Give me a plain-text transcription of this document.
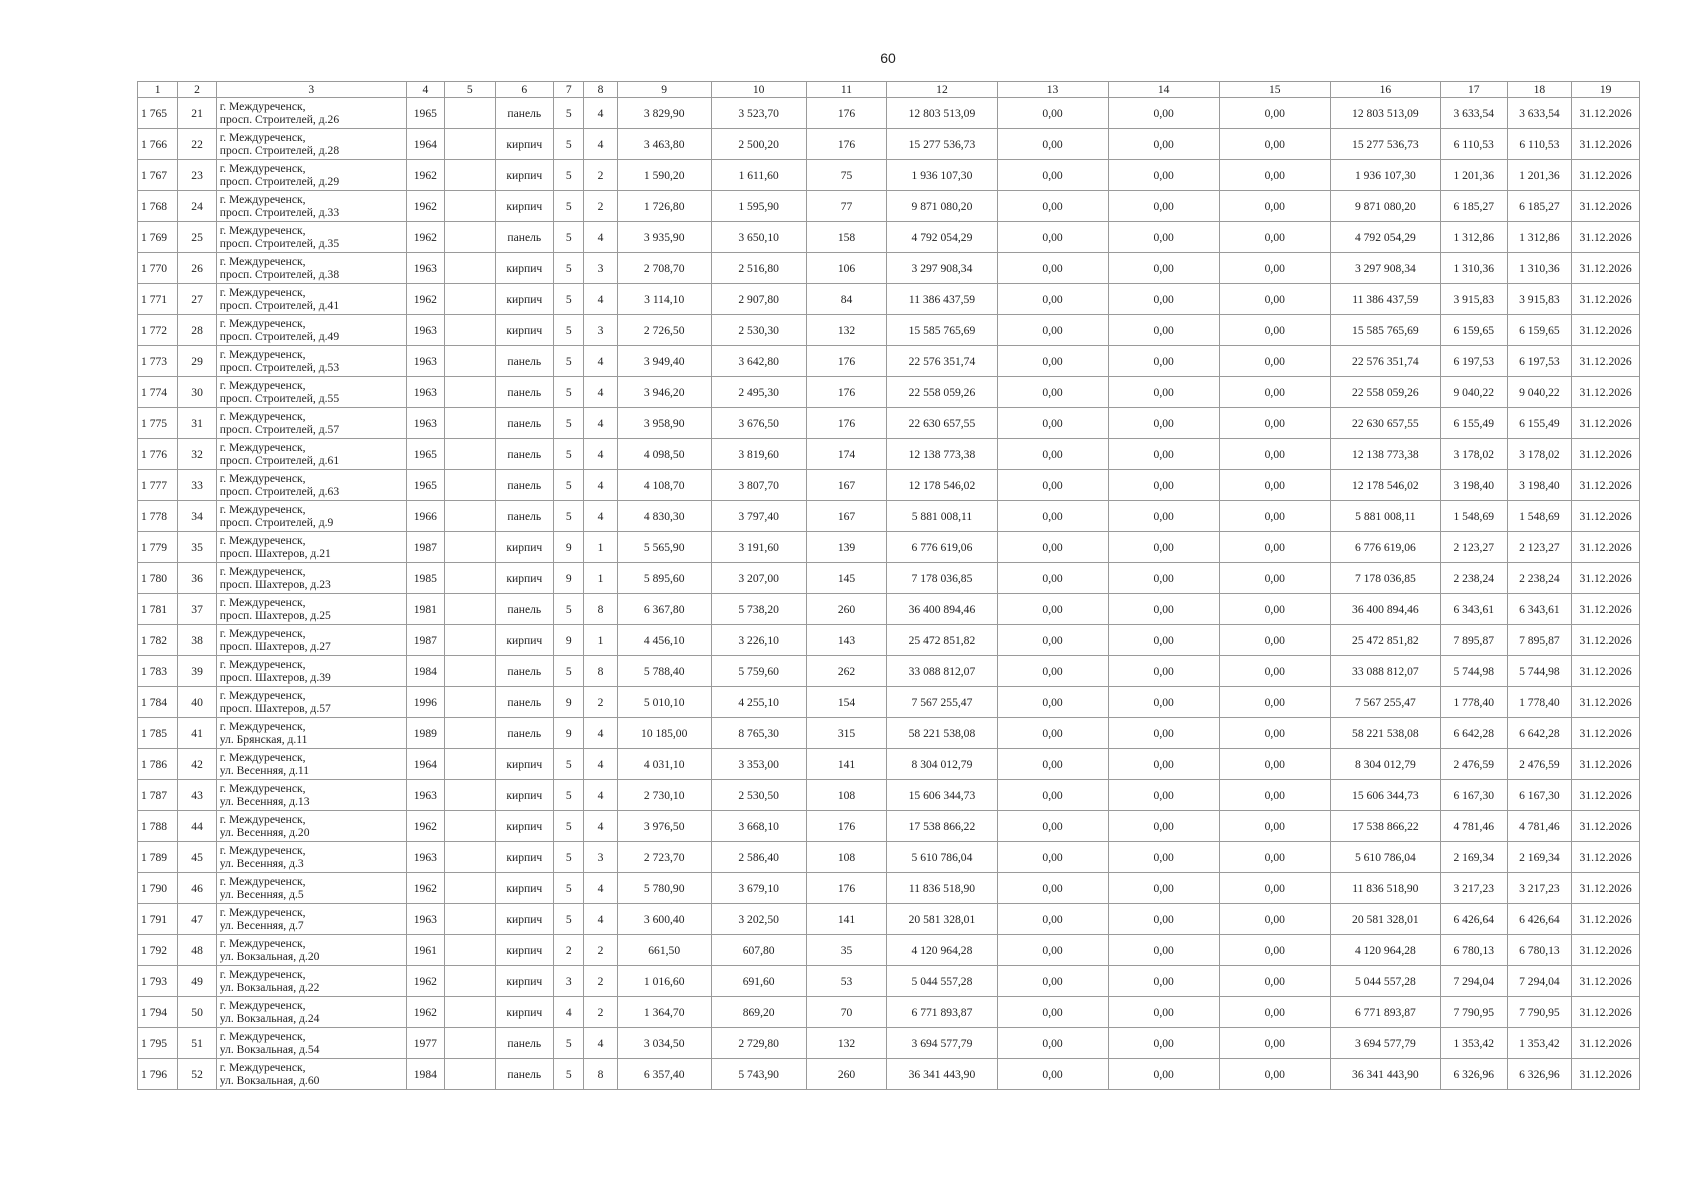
60
1	2	3	4	5	6	7	8	9	10	11	12	13	14	15	16	17	18	19
1 765	21	г. Междуреченск,
просп. Строителей, д.26	1965		панель	5	4	3 829,90	3 523,70	176	12 803 513,09	0,00	0,00	0,00	12 803 513,09	3 633,54	3 633,54	31.12.2026
1 766	22	г. Междуреченск,
просп. Строителей, д.28	1964		кирпич	5	4	3 463,80	2 500,20	176	15 277 536,73	0,00	0,00	0,00	15 277 536,73	6 110,53	6 110,53	31.12.2026
1 767	23	г. Междуреченск,
просп. Строителей, д.29	1962		кирпич	5	2	1 590,20	1 611,60	75	1 936 107,30	0,00	0,00	0,00	1 936 107,30	1 201,36	1 201,36	31.12.2026
1 768	24	г. Междуреченск,
просп. Строителей, д.33	1962		кирпич	5	2	1 726,80	1 595,90	77	9 871 080,20	0,00	0,00	0,00	9 871 080,20	6 185,27	6 185,27	31.12.2026
1 769	25	г. Междуреченск,
просп. Строителей, д.35	1962		панель	5	4	3 935,90	3 650,10	158	4 792 054,29	0,00	0,00	0,00	4 792 054,29	1 312,86	1 312,86	31.12.2026
1 770	26	г. Междуреченск,
просп. Строителей, д.38	1963		кирпич	5	3	2 708,70	2 516,80	106	3 297 908,34	0,00	0,00	0,00	3 297 908,34	1 310,36	1 310,36	31.12.2026
1 771	27	г. Междуреченск,
просп. Строителей, д.41	1962		кирпич	5	4	3 114,10	2 907,80	84	11 386 437,59	0,00	0,00	0,00	11 386 437,59	3 915,83	3 915,83	31.12.2026
1 772	28	г. Междуреченск,
просп. Строителей, д.49	1963		кирпич	5	3	2 726,50	2 530,30	132	15 585 765,69	0,00	0,00	0,00	15 585 765,69	6 159,65	6 159,65	31.12.2026
1 773	29	г. Междуреченск,
просп. Строителей, д.53	1963		панель	5	4	3 949,40	3 642,80	176	22 576 351,74	0,00	0,00	0,00	22 576 351,74	6 197,53	6 197,53	31.12.2026
1 774	30	г. Междуреченск,
просп. Строителей, д.55	1963		панель	5	4	3 946,20	2 495,30	176	22 558 059,26	0,00	0,00	0,00	22 558 059,26	9 040,22	9 040,22	31.12.2026
1 775	31	г. Междуреченск,
просп. Строителей, д.57	1963		панель	5	4	3 958,90	3 676,50	176	22 630 657,55	0,00	0,00	0,00	22 630 657,55	6 155,49	6 155,49	31.12.2026
1 776	32	г. Междуреченск,
просп. Строителей, д.61	1965		панель	5	4	4 098,50	3 819,60	174	12 138 773,38	0,00	0,00	0,00	12 138 773,38	3 178,02	3 178,02	31.12.2026
1 777	33	г. Междуреченск,
просп. Строителей, д.63	1965		панель	5	4	4 108,70	3 807,70	167	12 178 546,02	0,00	0,00	0,00	12 178 546,02	3 198,40	3 198,40	31.12.2026
1 778	34	г. Междуреченск,
просп. Строителей, д.9	1966		панель	5	4	4 830,30	3 797,40	167	5 881 008,11	0,00	0,00	0,00	5 881 008,11	1 548,69	1 548,69	31.12.2026
1 779	35	г. Междуреченск,
просп. Шахтеров, д.21	1987		кирпич	9	1	5 565,90	3 191,60	139	6 776 619,06	0,00	0,00	0,00	6 776 619,06	2 123,27	2 123,27	31.12.2026
1 780	36	г. Междуреченск,
просп. Шахтеров, д.23	1985		кирпич	9	1	5 895,60	3 207,00	145	7 178 036,85	0,00	0,00	0,00	7 178 036,85	2 238,24	2 238,24	31.12.2026
1 781	37	г. Междуреченск,
просп. Шахтеров, д.25	1981		панель	5	8	6 367,80	5 738,20	260	36 400 894,46	0,00	0,00	0,00	36 400 894,46	6 343,61	6 343,61	31.12.2026
1 782	38	г. Междуреченск,
просп. Шахтеров, д.27	1987		кирпич	9	1	4 456,10	3 226,10	143	25 472 851,82	0,00	0,00	0,00	25 472 851,82	7 895,87	7 895,87	31.12.2026
1 783	39	г. Междуреченск,
просп. Шахтеров, д.39	1984		панель	5	8	5 788,40	5 759,60	262	33 088 812,07	0,00	0,00	0,00	33 088 812,07	5 744,98	5 744,98	31.12.2026
1 784	40	г. Междуреченск,
просп. Шахтеров, д.57	1996		панель	9	2	5 010,10	4 255,10	154	7 567 255,47	0,00	0,00	0,00	7 567 255,47	1 778,40	1 778,40	31.12.2026
1 785	41	г. Междуреченск,
ул. Брянская, д.11	1989		панель	9	4	10 185,00	8 765,30	315	58 221 538,08	0,00	0,00	0,00	58 221 538,08	6 642,28	6 642,28	31.12.2026
1 786	42	г. Междуреченск,
ул. Весенняя, д.11	1964		кирпич	5	4	4 031,10	3 353,00	141	8 304 012,79	0,00	0,00	0,00	8 304 012,79	2 476,59	2 476,59	31.12.2026
1 787	43	г. Междуреченск,
ул. Весенняя, д.13	1963		кирпич	5	4	2 730,10	2 530,50	108	15 606 344,73	0,00	0,00	0,00	15 606 344,73	6 167,30	6 167,30	31.12.2026
1 788	44	г. Междуреченск,
ул. Весенняя, д.20	1962		кирпич	5	4	3 976,50	3 668,10	176	17 538 866,22	0,00	0,00	0,00	17 538 866,22	4 781,46	4 781,46	31.12.2026
1 789	45	г. Междуреченск,
ул. Весенняя, д.3	1963		кирпич	5	3	2 723,70	2 586,40	108	5 610 786,04	0,00	0,00	0,00	5 610 786,04	2 169,34	2 169,34	31.12.2026
1 790	46	г. Междуреченск,
ул. Весенняя, д.5	1962		кирпич	5	4	5 780,90	3 679,10	176	11 836 518,90	0,00	0,00	0,00	11 836 518,90	3 217,23	3 217,23	31.12.2026
1 791	47	г. Междуреченск,
ул. Весенняя, д.7	1963		кирпич	5	4	3 600,40	3 202,50	141	20 581 328,01	0,00	0,00	0,00	20 581 328,01	6 426,64	6 426,64	31.12.2026
1 792	48	г. Междуреченск,
ул. Вокзальная, д.20	1961		кирпич	2	2	661,50	607,80	35	4 120 964,28	0,00	0,00	0,00	4 120 964,28	6 780,13	6 780,13	31.12.2026
1 793	49	г. Междуреченск,
ул. Вокзальная, д.22	1962		кирпич	3	2	1 016,60	691,60	53	5 044 557,28	0,00	0,00	0,00	5 044 557,28	7 294,04	7 294,04	31.12.2026
1 794	50	г. Междуреченск,
ул. Вокзальная, д.24	1962		кирпич	4	2	1 364,70	869,20	70	6 771 893,87	0,00	0,00	0,00	6 771 893,87	7 790,95	7 790,95	31.12.2026
1 795	51	г. Междуреченск,
ул. Вокзальная, д.54	1977		панель	5	4	3 034,50	2 729,80	132	3 694 577,79	0,00	0,00	0,00	3 694 577,79	1 353,42	1 353,42	31.12.2026
1 796	52	г. Междуреченск,
ул. Вокзальная, д.60	1984		панель	5	8	6 357,40	5 743,90	260	36 341 443,90	0,00	0,00	0,00	36 341 443,90	6 326,96	6 326,96	31.12.2026
